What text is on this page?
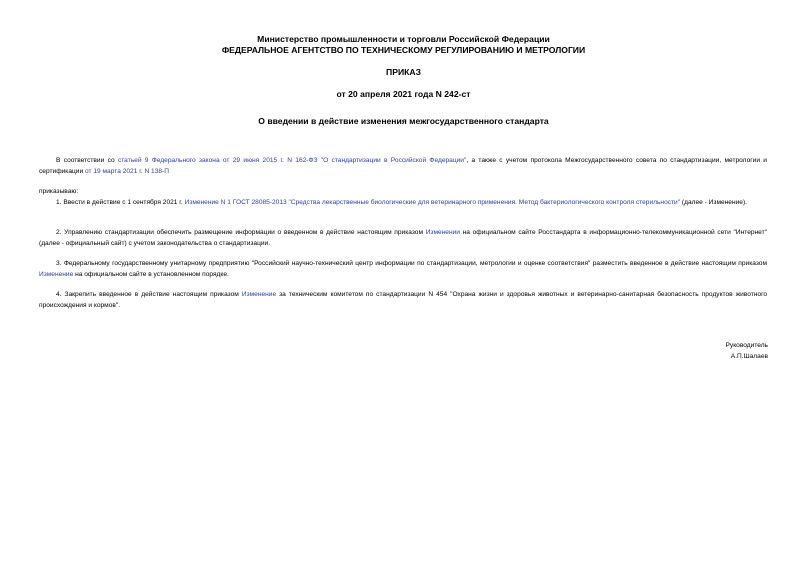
Министерство промышленности и торговли Российской Федерации
ФЕДЕРАЛЬНОЕ АГЕНТСТВО ПО ТЕХНИЧЕСКОМУ РЕГУЛИРОВАНИЮ И МЕТРОЛОГИИ
ПРИКАЗ
от 20 апреля 2021 года N 242-ст
О введении в действие изменения межгосударственного стандарта
В соответствии со статьей 9 Федерального закона от 29 июня 2015 г. N 162-ФЗ "О стандартизации в Российской Федерации", а также с учетом протокола Межгосударственного совета по стандартизации, метрологии и сертификации от 19 марта 2021 г. N 138-П
приказываю:
1. Ввести в действие с 1 сентября 2021 г. Изменение N 1 ГОСТ 28085-2013 "Средства лекарственные биологические для ветеринарного применения. Метод бактериологического контроля стерильности" (далее - Изменение).
2. Управлению стандартизации обеспечить размещение информации о введенном в действие настоящим приказом Изменении на официальном сайте Росстандарта в информационно-телекоммуникационной сети "Интернет" (далее - официальный сайт) с учетом законодательства о стандартизации.
3. Федеральному государственному унитарному предприятию "Российский научно-технический центр информации по стандартизации, метрологии и оценке соответствия" разместить введенное в действие настоящим приказом Изменение на официальном сайте в установленном порядке.
4. Закрепить введенное в действие настоящим приказом Изменение за техническим комитетом по стандартизации N 454 "Охрана жизни и здоровья животных и ветеринарно-санитарная безопасность продуктов животного происхождения и кормов".
Руководитель
А.П.Шалаев
